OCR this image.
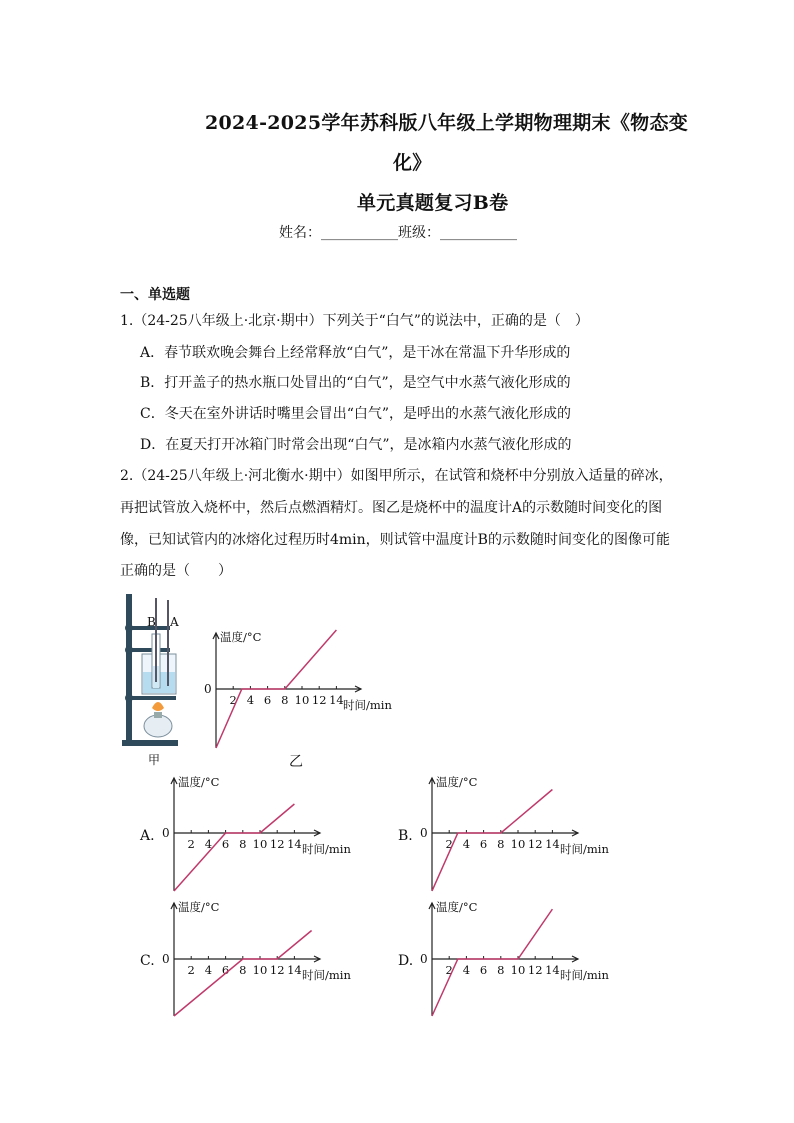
2024-2025学年苏科版八年级上学期物理期末《物态变
化》
单元真题复习B卷
姓名：___________班级：___________
一、单选题
1.（24-25八年级上·北京·期中）下列关于“白气”的说法中，正确的是（　）
A．春节联欢晚会舞台上经常释放“白气”，是干冰在常温下升华形成的
B．打开盖子的热水瓶口处冒出的“白气”，是空气中水蒸气液化形成的
C．冬天在室外讲话时嘴里会冒出“白气”，是呼出的水蒸气液化形成的
D．在夏天打开冰箱门时常会出现“白气”，是冰箱内水蒸气液化形成的
2.（24-25八年级上·河北衡水·期中）如图甲所示，在试管和烧杯中分别放入适量的碎冰，
再把试管放入烧杯中，然后点燃酒精灯。图乙是烧杯中的温度计A的示数随时间变化的图
像，已知试管内的冰熔化过程历时4min，则试管中温度计B的示数随时间变化的图像可能
正确的是（　　）
B A
甲
温度/°C
0
2 4 6 8 10 12 14 时间/min
乙
A.
温度/°C
0
2 4 6 8 10 12 14 时间/min
B.
温度/°C
0
2 4 6 8 10 12 14 时间/min
C.
温度/°C
0
2 4 6 8 10 12 14 时间/min
D.
温度/°C
0
2 4 6 8 10 12 14 时间/min
